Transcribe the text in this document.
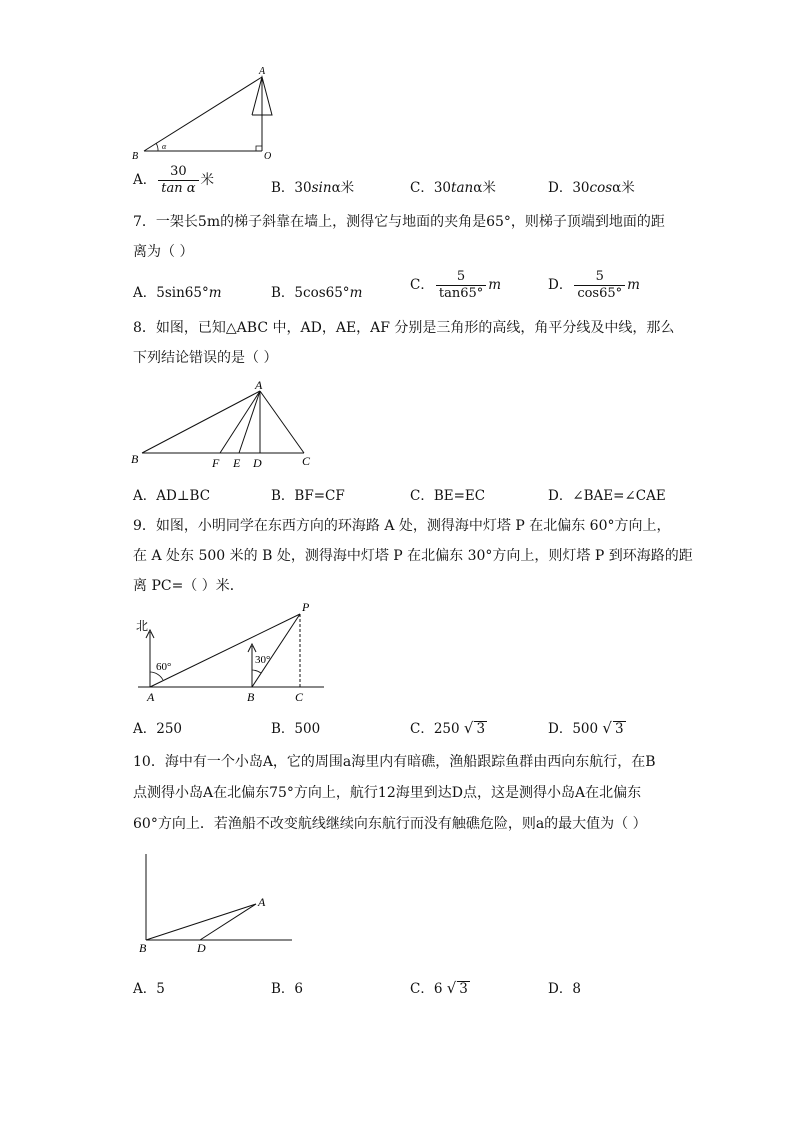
A
B	O
α
A． $\frac{30}{\text{tan α}}$ 米	B．30sinα米	C．30tanα米	D．30cosα米
7．一架长5m的梯子斜靠在墙上，测得它与地面的夹角是65°，则梯子顶端到地面的距
离为（ ）
A．5sin65°m	B．5cos65°m	C． $\frac{5}{\tan 65^\circ}$ m	D． $\frac{5}{\cos 65^\circ}$ m
8．如图，已知△ABC 中，AD，AE，AF 分别是三角形的高线，角平分线及中线，那么
下列结论错误的是（ ）
A
B	F E D	C
A．AD⊥BC	B．BF=CF	C．BE=EC	D．∠BAE=∠CAE
9．如图，小明同学在东西方向的环海路 A 处，测得海中灯塔 P 在北偏东 60°方向上，
在 A 处东 500 米的 B 处，测得海中灯塔 P 在北偏东 30°方向上，则灯塔 P 到环海路的距
离 PC=（ ）米．
北
60°
30°
A	B	C
P
A．250	B．500	C．250 √ 3	D．500 √ 3
10．海中有一个小岛A，它的周围a海里内有暗礁，渔船跟踪鱼群由西向东航行，在B
点测得小岛A在北偏东75°方向上，航行12海里到达D点，这是测得小岛A在北偏东
60°方向上．若渔船不改变航线继续向东航行而没有触礁危险，则a的最大值为（ ）
A
B	D
A．5	B．6	C．6 √ 3	D．8
